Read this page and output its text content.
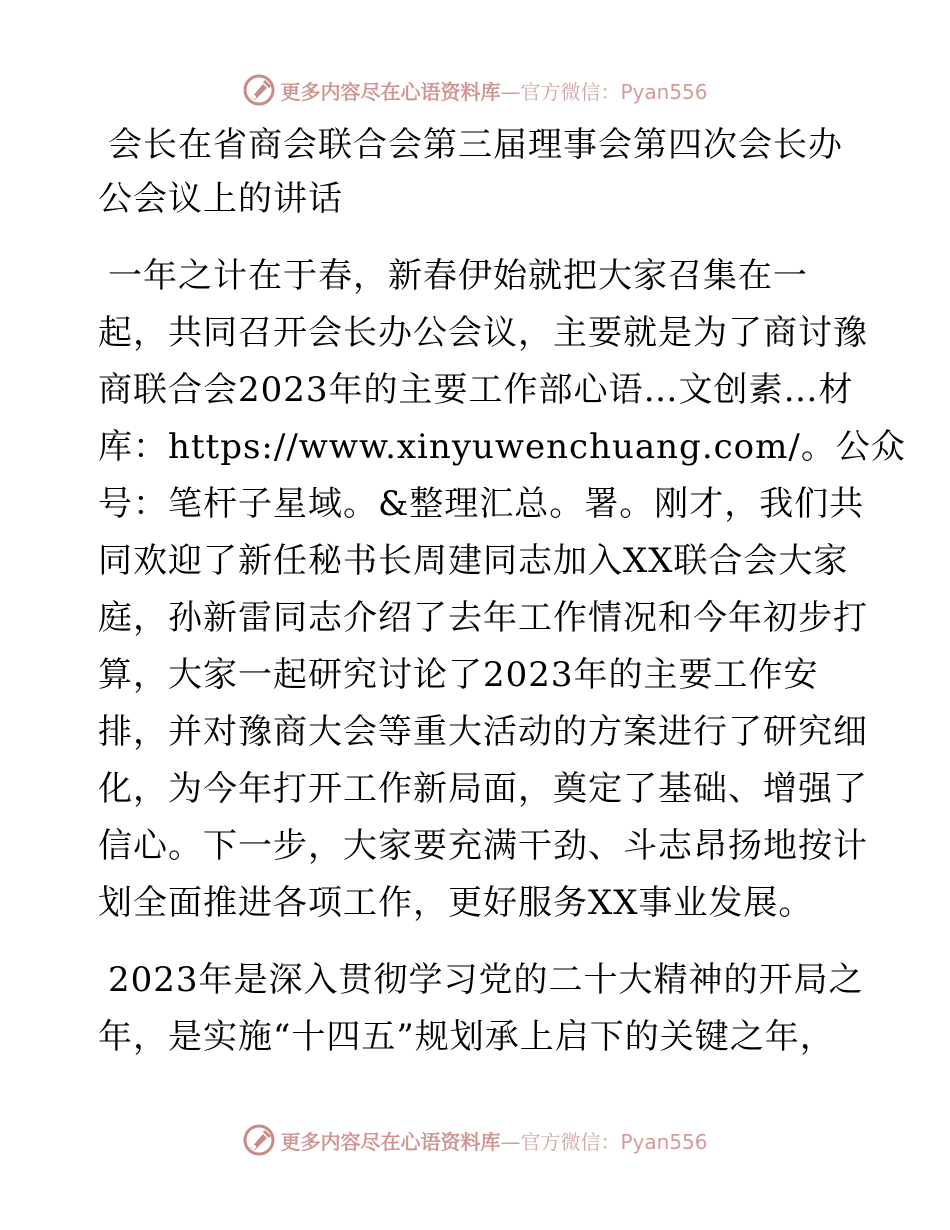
更多内容尽在心语资料库—官方微信：Pyan556
会长在省商会联合会第三届理事会第四次会长办
公会议上的讲话

一年之计在于春，新春伊始就把大家召集在一
起，共同召开会长办公会议，主要就是为了商讨豫
商联合会2023年的主要工作部心语…文创素…材
库：https://www.xinyuwenchuang.com/。公众
号：笔杆子星域。&整理汇总。署。刚才，我们共
同欢迎了新任秘书长周建同志加入XX联合会大家
庭，孙新雷同志介绍了去年工作情况和今年初步打
算，大家一起研究讨论了2023年的主要工作安
排，并对豫商大会等重大活动的方案进行了研究细
化，为今年打开工作新局面，奠定了基础、增强了
信心。下一步，大家要充满干劲、斗志昂扬地按计
划全面推进各项工作，更好服务XX事业发展。

2023年是深入贯彻学习党的二十大精神的开局之
年，是实施“十四五”规划承上启下的关键之年，

更多内容尽在心语资料库—官方微信：Pyan556
